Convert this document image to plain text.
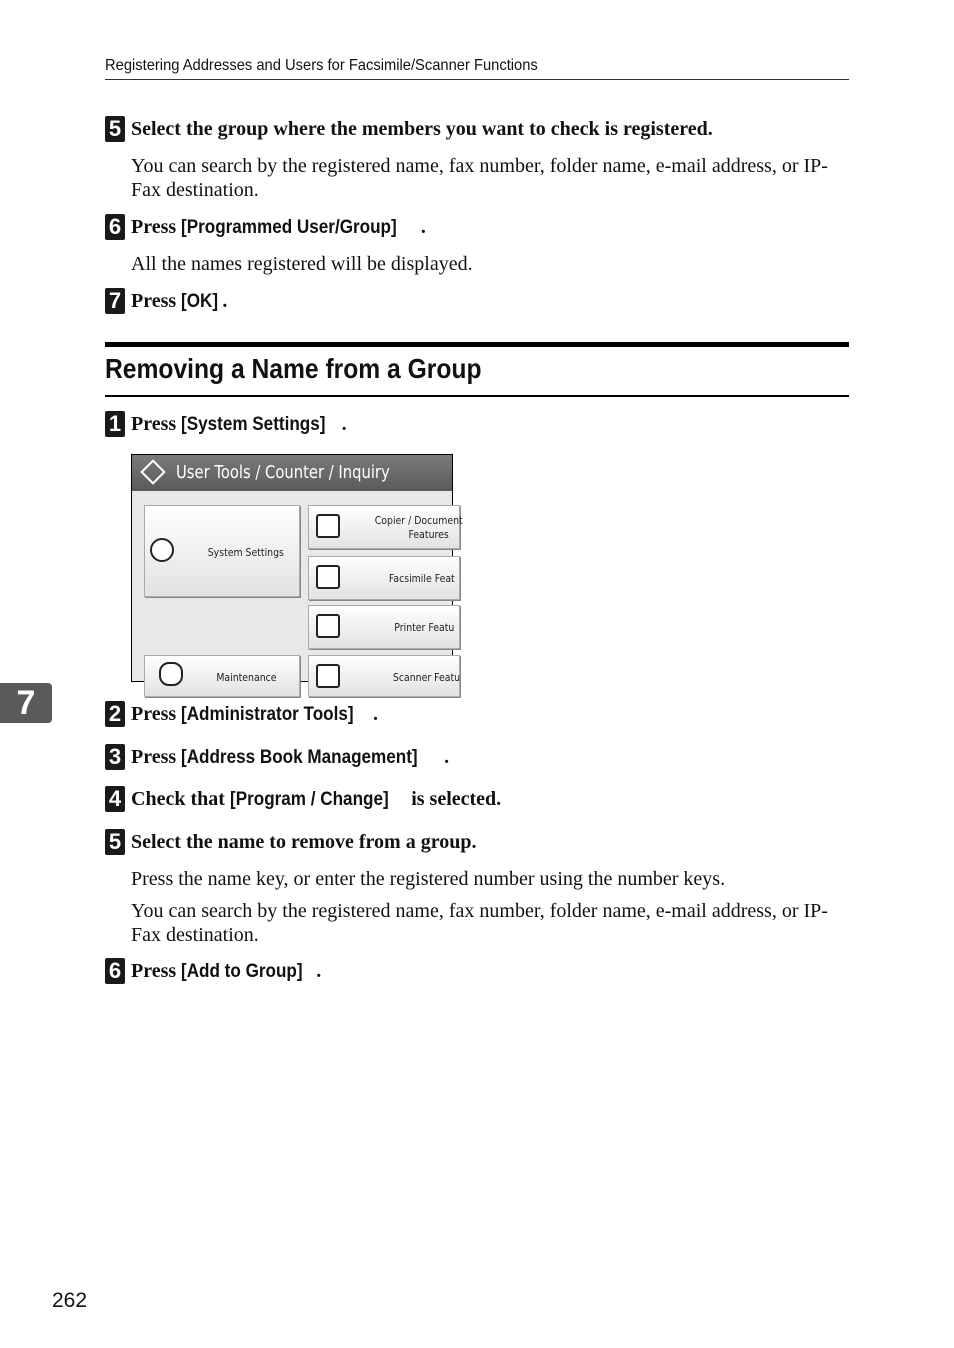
Registering Addresses and Users for Facsimile/Scanner Functions
5 Select the group where the members you want to check is registered.
You can search by the registered name, fax number, folder name, e-mail address, or IP-Fax destination.
6 Press [Programmed User/Group] .
All the names registered will be displayed.
7 Press [OK] .
Removing a Name from a Group
1 Press [System Settings] .
User Tools / Counter / Inquiry
System Settings
Copier / Document
Features
Facsimile Feat
Printer Featu
Maintenance	Scanner Featu
7	2 Press [Administrator Tools] .
3 Press [Address Book Management] .
4 Check that [Program / Change] is selected.
5 Select the name to remove from a group.
Press the name key, or enter the registered number using the number keys.
You can search by the registered name, fax number, folder name, e-mail address, or IP-Fax destination.
6 Press [Add to Group] .
262
